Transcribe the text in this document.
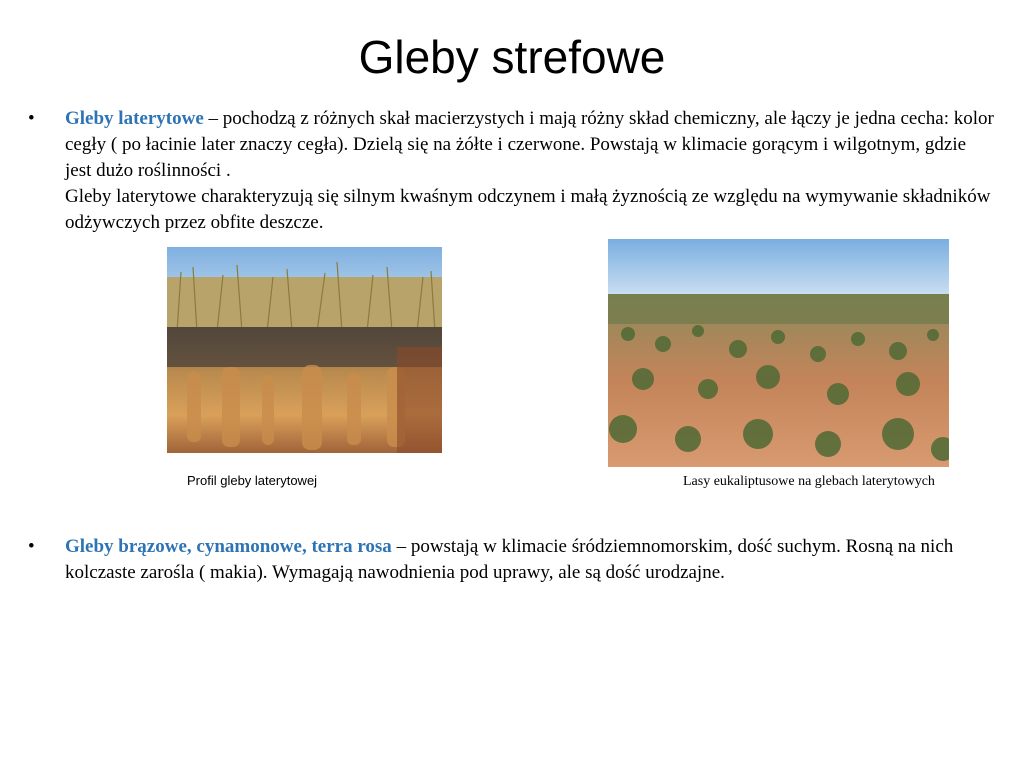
Gleby strefowe
• Gleby laterytowe – pochodzą z różnych skał macierzystych i mają różny skład chemiczny, ale łączy je jedna cecha: kolor cegły ( po łacinie later znaczy cegła). Dzielą się na żółte i czerwone. Powstają w klimacie gorącym i wilgotnym, gdzie jest dużo roślinności .
Gleby laterytowe charakteryzują się silnym kwaśnym odczynem i małą żyznością ze względu na wymywanie składników odżywczych przez obfite deszcze.
Profil gleby laterytowej	Lasy eukaliptusowe na glebach laterytowych
• Gleby brązowe, cynamonowe, terra rosa – powstają w klimacie śródziemnomorskim, dość suchym. Rosną na nich kolczaste zarośla ( makia). Wymagają nawodnienia pod uprawy, ale są dość urodzajne.
